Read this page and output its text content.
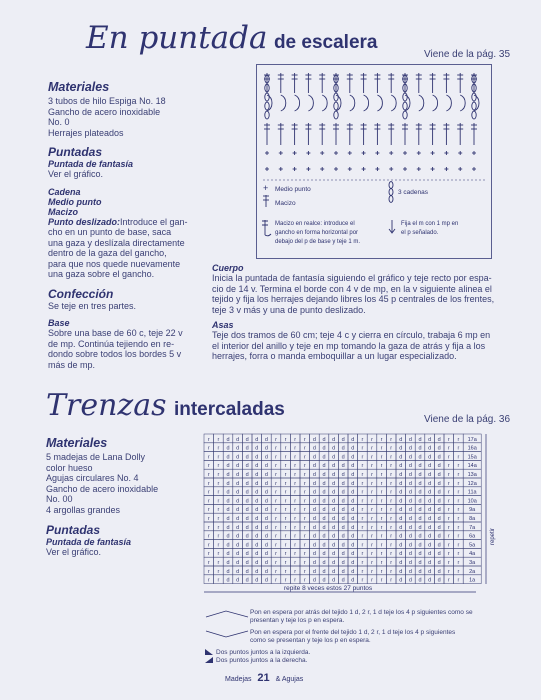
En puntada de escalera
Viene de la pág. 35
Materiales
3 tubos de hilo Espiga No. 18
Gancho de acero inoxidable
No. 0
Herrajes plateados
Puntadas
Puntada de fantasía
Ver el gráfico.
Cadena
Medio punto
Macizo
Punto deslizado:Introduce el gan-
cho en un punto de base, saca
una gaza y deslízala directamente
dentro de la gaza del gancho,
para que nos quede nuevamente
una gaza sobre el gancho.
Confección
Se teje en tres partes.
Base
Sobre una base de 60 c, teje 22 v
de mp. Continúa tejiendo en re-
dondo sobre todos los bordes 5 v
más de mp.
+ Medio punto
Macizo
3 cadenas
Macizo en realce: introduce el
gancho en forma horizontal por
debajo del p de base y teje 1 m.
Fija el m con 1 mp en
el p señalado.
Cuerpo
Inicia la puntada de fantasía siguiendo el gráfico y teje recto por espa-
cio de 14 v. Termina el borde con 4 v de mp, en la v siguiente alinea el
tejido y fija los herrajes dejando libres los 45 p centrales de los frentes,
teje 3 v más y una de punto deslizado.
Asas
Teje dos tramos de 60 cm; teje 4 c y cierra en círculo, trabaja 6 mp en
el interior del anillo y teje en mp tomando la gaza de atrás y fija a los
herrajes, forra o manda emboquillar a un lugar especializado.
Trenzas intercaladas	Viene de la pág. 36
Materiales
5 madejas de Lana Dolly
color hueso
Agujas circulares No. 4
Gancho de acero inoxidable
No. 00
4 argollas grandes
Puntadas
Puntada de fantasía
Ver el gráfico.
r r d d d d d r r r r d d d d d r r r r d d d d d r r
r r d d d d d r r r r d d d d d r r r r d d d d d r r
r r d d d d d r r r r d d d d d r r r r d d d d d r r
r r d d d d d r r r r d d d d d r r r r d d d d d r r
r r d d d d d r r r r d d d d d r r r r d d d d d r r
r r d d d d d r r r r d d d d d r r r r d d d d d r r
r r d d d d d r r r r d d d d d r r r r d d d d d r r
r r d d d d d r r r r d d d d d r r r r d d d d d r r
r r d d d d d r r r r d d d d d r r r r d d d d d r r
r r d d d d d r r r r d d d d d r r r r d d d d d r r
r r d d d d d r r r r d d d d d r r r r d d d d d r r
r r d d d d d r r r r d d d d d r r r r d d d d d r r
r r d d d d d r r r r d d d d d r r r r d d d d d r r
r r d d d d d r r r r d d d d d r r r r d d d d d r r
r r d d d d d r r r r d d d d d r r r r d d d d d r r
r r d d d d d r r r r d d d d d r r r r d d d d d r r
r r d d d d d r r r r d d d d d r r r r d d d d d r r
17a
16a
15a
14a
13a
12a
11a
10a
9a
8a
7a
6a
5a
4a
3a
2a
1a
repetir
repite 8 veces estos 27 puntos
Pon en espera por atrás del tejido 1 d, 2 r, 1 d teje los 4 p siguientes como se
presentan y teje los p en espera.
Pon en espera por el frente del tejido 1 d, 2 r, 1 d teje los 4 p siguientes
como se presentan y teje los p en espera.
Dos puntos juntos a la izquierda.
Dos puntos juntos a la derecha.
Madejas 21 & Agujas
